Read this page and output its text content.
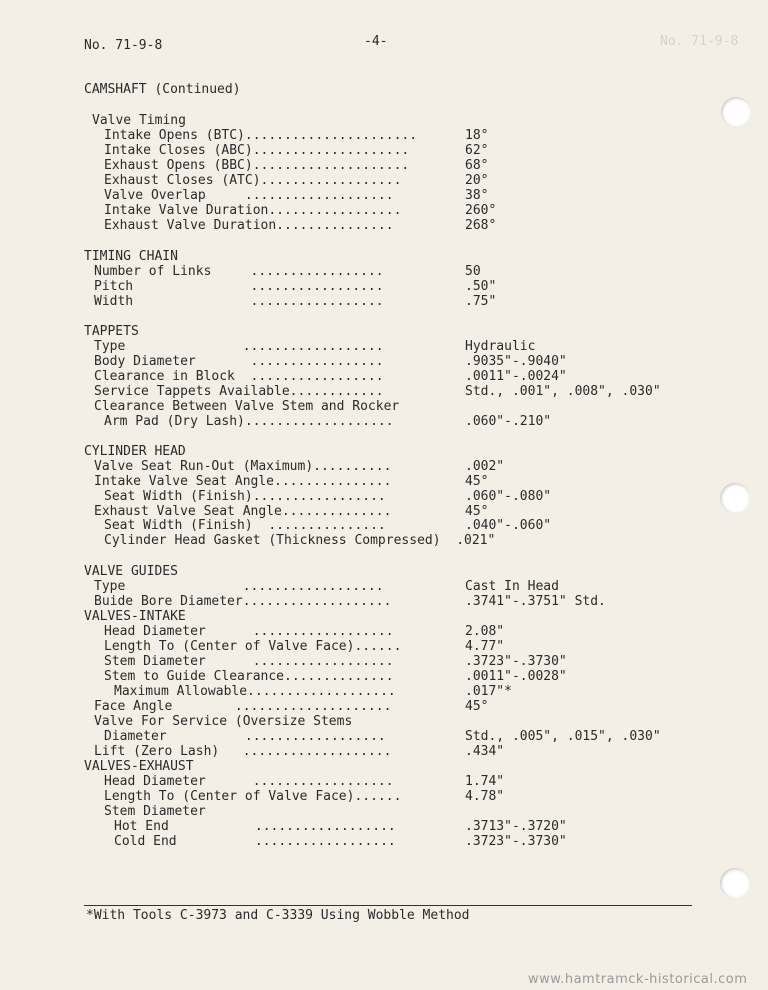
No. 71-9-8	-4-	No. 71-9-8
CAMSHAFT (Continued)
Valve Timing
Intake Opens (BTC)......................	18°
Intake Closes (ABC)....................	62°
Exhaust Opens (BBC)....................	68°
Exhaust Closes (ATC)..................	20°
Valve Overlap     ...................	38°
Intake Valve Duration.................	260°
Exhaust Valve Duration...............	268°
TIMING CHAIN
Number of Links     .................	50
Pitch               .................	.50"
Width               .................	.75"
TAPPETS
Type               ..................	Hydraulic
Body Diameter       .................	.9035"-.9040"
Clearance in Block  .................	.0011"-.0024"
Service Tappets Available............	Std., .001", .008", .030"
Clearance Between Valve Stem and Rocker
Arm Pad (Dry Lash)...................	.060"-.210"
CYLINDER HEAD
Valve Seat Run-Out (Maximum)..........	.002"
Intake Valve Seat Angle...............	45°
Seat Width (Finish).................	.060"-.080"
Exhaust Valve Seat Angle..............	45°
Seat Width (Finish)  ...............	.040"-.060"
Cylinder Head Gasket (Thickness Compressed)  .021"
VALVE GUIDES
Type               ..................	Cast In Head
Buide Bore Diameter...................	.3741"-.3751" Std.
VALVES-INTAKE
Head Diameter      ..................	2.08"
Length To (Center of Valve Face)......	4.77"
Stem Diameter      ..................	.3723"-.3730"
Stem to Guide Clearance..............	.0011"-.0028"
Maximum Allowable...................	.017"*
Face Angle        ....................	45°
Valve For Service (Oversize Stems
Diameter          ..................	Std., .005", .015", .030"
Lift (Zero Lash)   ...................	.434"
VALVES-EXHAUST
Head Diameter      ..................	1.74"
Length To (Center of Valve Face)......	4.78"
Stem Diameter
Hot End           ..................	.3713"-.3720"
Cold End          ..................	.3723"-.3730"
*With Tools C-3973 and C-3339 Using Wobble Method
www.hamtramck-historical.com
